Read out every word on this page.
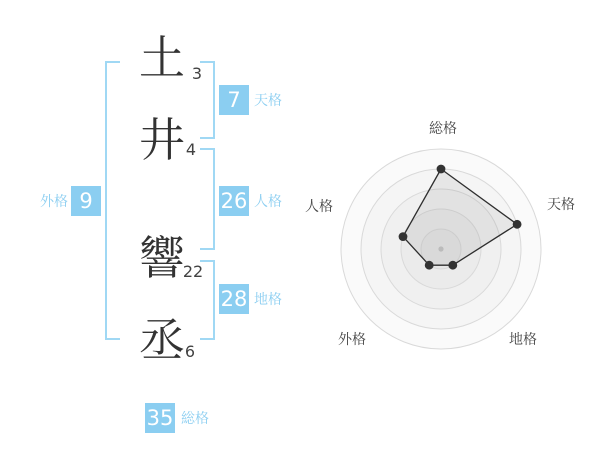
土 3
井 4
響
22
丞 6
7 天格
26 人格
28 地格
35 総格
外格 9
総格
天格
地格
外格
人格
